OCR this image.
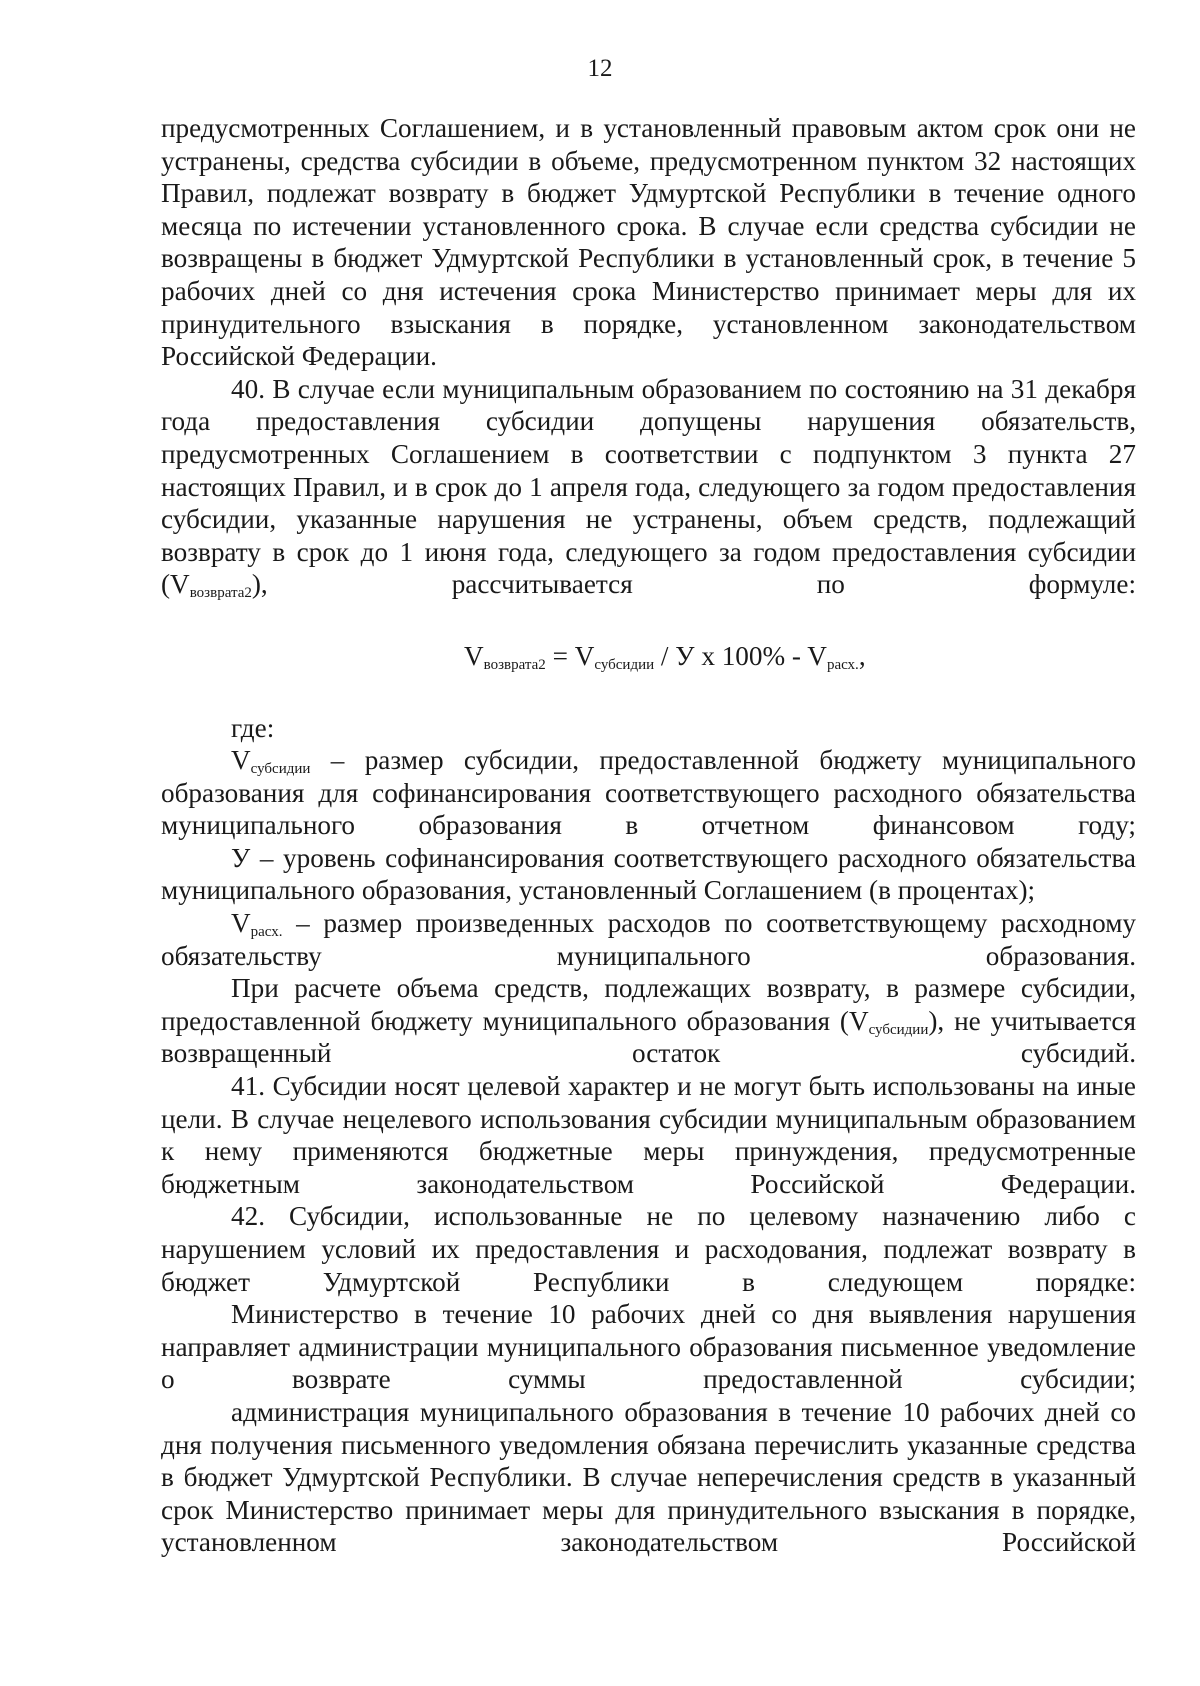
12

предусмотренных Соглашением, и в установленный правовым актом срок они не устранены, средства субсидии в объеме, предусмотренном пунктом 32 настоящих Правил, подлежат возврату в бюджет Удмуртской Республики в течение одного месяца по истечении установленного срока. В случае если средства субсидии не возвращены в бюджет Удмуртской Республики в установленный срок, в течение 5 рабочих дней со дня истечения срока Министерство принимает меры для их принудительного взыскания в порядке, установленном законодательством Российской Федерации.

40. В случае если муниципальным образованием по состоянию на 31 декабря года предоставления субсидии допущены нарушения обязательств, предусмотренных Соглашением в соответствии с подпунктом 3 пункта 27 настоящих Правил, и в срок до 1 апреля года, следующего за годом предоставления субсидии, указанные нарушения не устранены, объем средств, подлежащий возврату в срок до 1 июня года, следующего за годом предоставления субсидии $(V_{возврата2})$, рассчитывается по формуле:

$V_{возврата2} = V_{субсидии} / У$ x $100\% - V_{расх.}$,

где:

$V_{субсидии}$ – размер субсидии, предоставленной бюджету муниципального образования для софинансирования соответствующего расходного обязательства муниципального образования в отчетном финансовом году;

У – уровень софинансирования соответствующего расходного обязательства муниципального образования, установленный Соглашением (в процентах);

$V_{расх.}$ – размер произведенных расходов по соответствующему расходному обязательству муниципального образования.

При расчете объема средств, подлежащих возврату, в размере субсидии, предоставленной бюджету муниципального образования $(V_{субсидии})$, не учитывается возвращенный остаток субсидий.

41. Субсидии носят целевой характер и не могут быть использованы на иные цели. В случае нецелевого использования субсидии муниципальным образованием к нему применяются бюджетные меры принуждения, предусмотренные бюджетным законодательством Российской Федерации.

42. Субсидии, использованные не по целевому назначению либо с нарушением условий их предоставления и расходования, подлежат возврату в бюджет Удмуртской Республики в следующем порядке:

Министерство в течение 10 рабочих дней со дня выявления нарушения направляет администрации муниципального образования письменное уведомление о возврате суммы предоставленной субсидии;

администрация муниципального образования в течение 10 рабочих дней со дня получения письменного уведомления обязана перечислить указанные средства в бюджет Удмуртской Республики. В случае неперечисления средств в указанный срок Министерство принимает меры для принудительного взыскания в порядке, установленном законодательством Российской
